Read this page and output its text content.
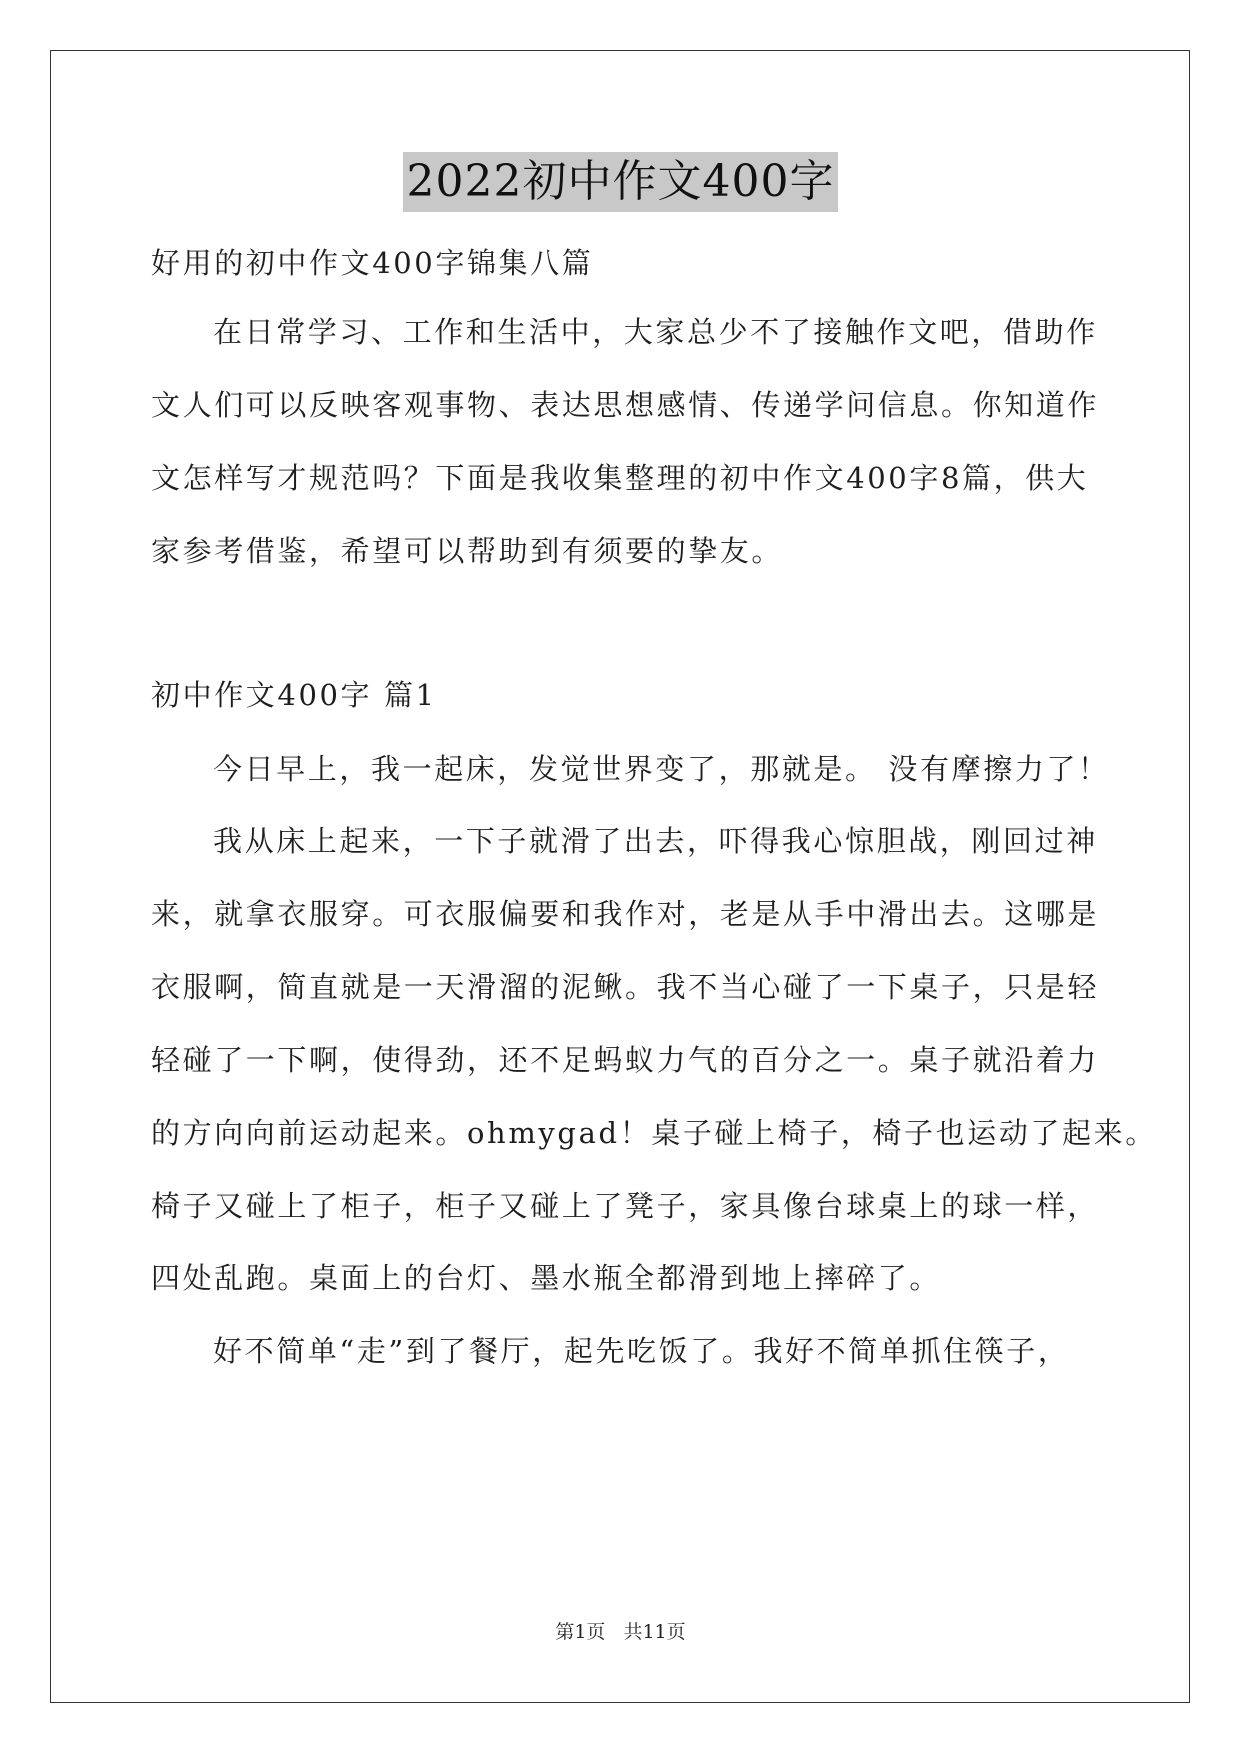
2022初中作文400字
好用的初中作文400字锦集八篇
在日常学习、工作和生活中，大家总少不了接触作文吧，借助作
文人们可以反映客观事物、表达思想感情、传递学问信息。你知道作
文怎样写才规范吗？下面是我收集整理的初中作文400字8篇，供大
家参考借鉴，希望可以帮助到有须要的挚友。
初中作文400字 篇1
今日早上，我一起床，发觉世界变了，那就是。 没有摩擦力了！
我从床上起来，一下子就滑了出去，吓得我心惊胆战，刚回过神
来，就拿衣服穿。可衣服偏要和我作对，老是从手中滑出去。这哪是
衣服啊，简直就是一天滑溜的泥鳅。我不当心碰了一下桌子，只是轻
轻碰了一下啊，使得劲，还不足蚂蚁力气的百分之一。桌子就沿着力
的方向向前运动起来。ohmygad！桌子碰上椅子，椅子也运动了起来。
椅子又碰上了柜子，柜子又碰上了凳子，家具像台球桌上的球一样，
四处乱跑。桌面上的台灯、墨水瓶全都滑到地上摔碎了。
好不简单“走”到了餐厅，起先吃饭了。我好不简单抓住筷子，
第1页 共11页
